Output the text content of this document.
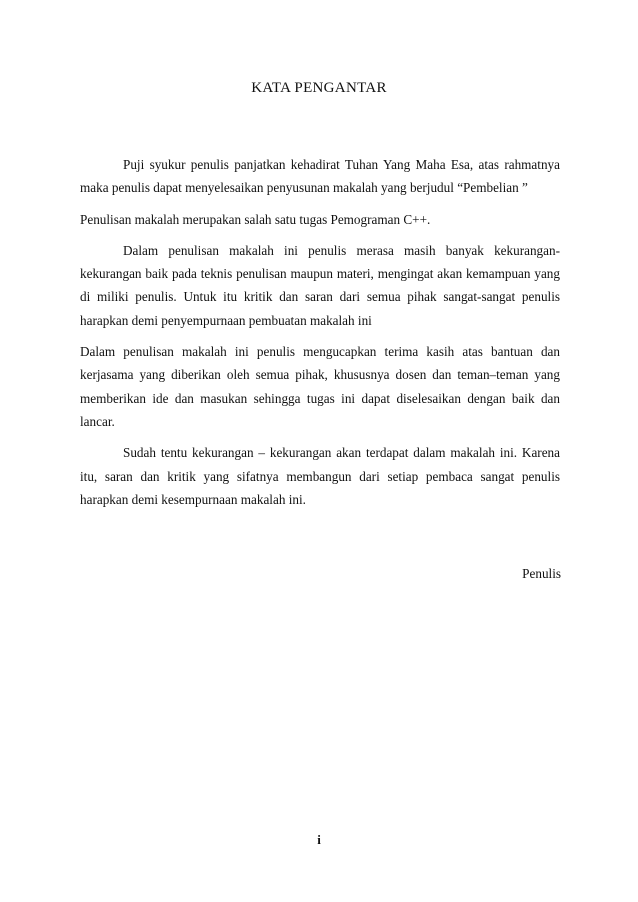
KATA PENGANTAR

Puji syukur penulis panjatkan kehadirat Tuhan Yang Maha Esa, atas rahmatnya maka penulis dapat menyelesaikan penyusunan makalah yang berjudul “Pembelian ”

Penulisan makalah merupakan salah satu tugas Pemograman C++.

Dalam penulisan makalah ini penulis merasa masih banyak kekurangan-kekurangan baik pada teknis penulisan maupun materi, mengingat akan kemampuan yang di miliki penulis. Untuk itu kritik dan saran dari semua pihak sangat-sangat penulis harapkan demi penyempurnaan pembuatan makalah ini

Dalam penulisan makalah ini penulis mengucapkan terima kasih atas bantuan dan kerjasama yang diberikan oleh semua pihak, khususnya dosen dan teman–teman yang memberikan ide dan masukan sehingga tugas ini dapat diselesaikan dengan baik dan lancar.

Sudah tentu kekurangan – kekurangan akan terdapat dalam makalah ini. Karena itu, saran dan kritik yang sifatnya membangun dari setiap pembaca sangat penulis harapkan demi kesempurnaan makalah ini.

Penulis
i
